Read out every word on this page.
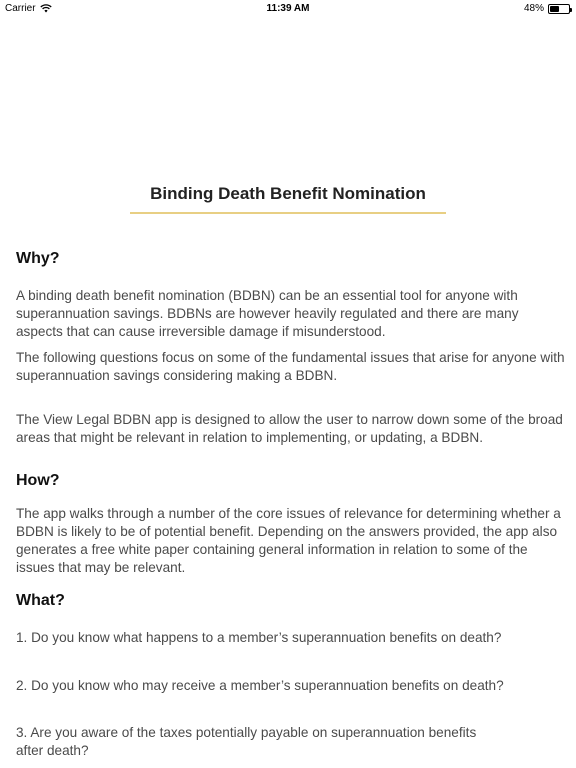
Carrier	11:39 AM	48%
Binding Death Benefit Nomination
Why?
A binding death benefit nomination (BDBN) can be an essential tool for anyone with superannuation savings. BDBNs are however heavily regulated and there are many aspects that can cause irreversible damage if misunderstood.
The following questions focus on some of the fundamental issues that arise for anyone with superannuation savings considering making a BDBN.
The View Legal BDBN app is designed to allow the user to narrow down some of the broad areas that might be relevant in relation to implementing, or updating, a BDBN.
How?
The app walks through a number of the core issues of relevance for determining whether a BDBN is likely to be of potential benefit. Depending on the answers provided, the app also generates a free white paper containing general information in relation to some of the issues that may be relevant.
What?
1. Do you know what happens to a member’s superannuation benefits on death?
2. Do you know who may receive a member’s superannuation benefits on death?
3. Are you aware of the taxes potentially payable on superannuation benefits
after death?
